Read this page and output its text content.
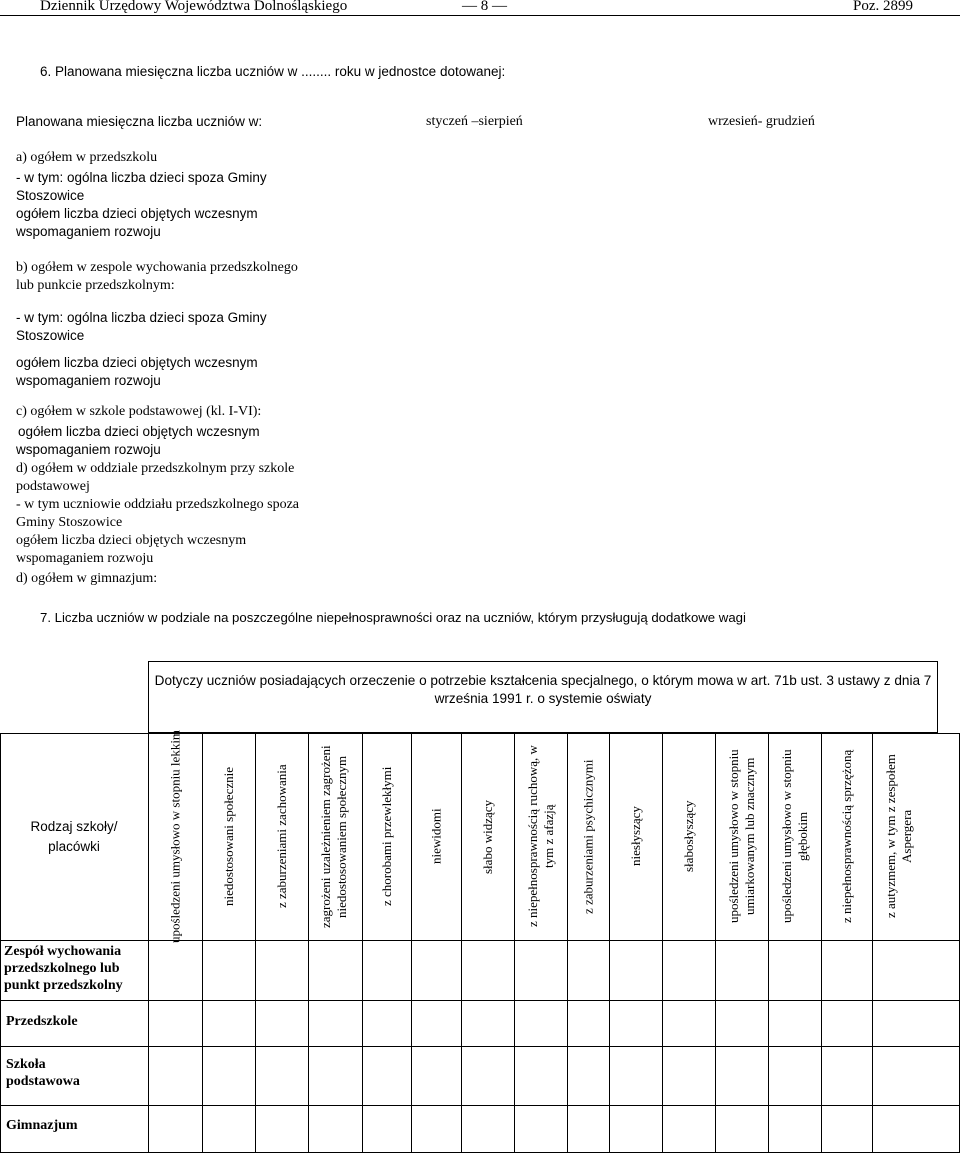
Dziennik Urzędowy Województwa Dolnośląskiego	— 8 —	Poz. 2899
6. Planowana miesięczna liczba uczniów w ........ roku w jednostce dotowanej:
Planowana miesięczna liczba uczniów w:	styczeń –sierpień	wrzesień- grudzień
a) ogółem w przedszkolu
- w tym: ogólna liczba dzieci spoza Gminy
Stoszowice
ogółem liczba dzieci objętych wczesnym
wspomaganiem rozwoju
b) ogółem w zespole wychowania przedszkolnego
lub punkcie przedszkolnym:
- w tym: ogólna liczba dzieci spoza Gminy
Stoszowice
ogółem liczba dzieci objętych wczesnym
wspomaganiem rozwoju
c) ogółem w szkole podstawowej (kl. I-VI):
ogółem liczba dzieci objętych wczesnym
wspomaganiem rozwoju
d) ogółem w oddziale przedszkolnym przy szkole
podstawowej
- w tym uczniowie oddziału przedszkolnego spoza
Gminy Stoszowice
ogółem liczba dzieci objętych wczesnym
wspomaganiem rozwoju
d) ogółem w gimnazjum:
7. Liczba uczniów w podziale na poszczególne niepełnosprawności oraz na uczniów, którym przysługują dodatkowe wagi
Dotyczy uczniów posiadających orzeczenie o potrzebie kształcenia specjalnego, o którym mowa w art. 71b ust. 3 ustawy z dnia 7
września 1991 r. o systemie oświaty
Rodzaj szkoły/ placówki	upośledzeni umysłowo w stopniu lekkim	niedostosowani społecznie	z zaburzeniami zachowania	zagrożeni uzależnieniem zagrożeni niedostosowaniem społecznym	z chorobami przewlekłymi	niewidomi	słabo widzący	z niepełnosprawnością ruchową, w tym z afazją	z zaburzeniami psychicznymi	niesłyszący	słabosłyszący	upośledzeni umysłowo w stopniu umiarkowanym lub znacznym	upośledzeni umysłowo w stopniu głębokim	z niepełnosprawnością sprzężoną	z autyzmem, w tym z zespołem Aspergera
Zespół wychowania przedszkolnego lub punkt przedszkolny
Przedszkole
Szkoła podstawowa
Gimnazjum
